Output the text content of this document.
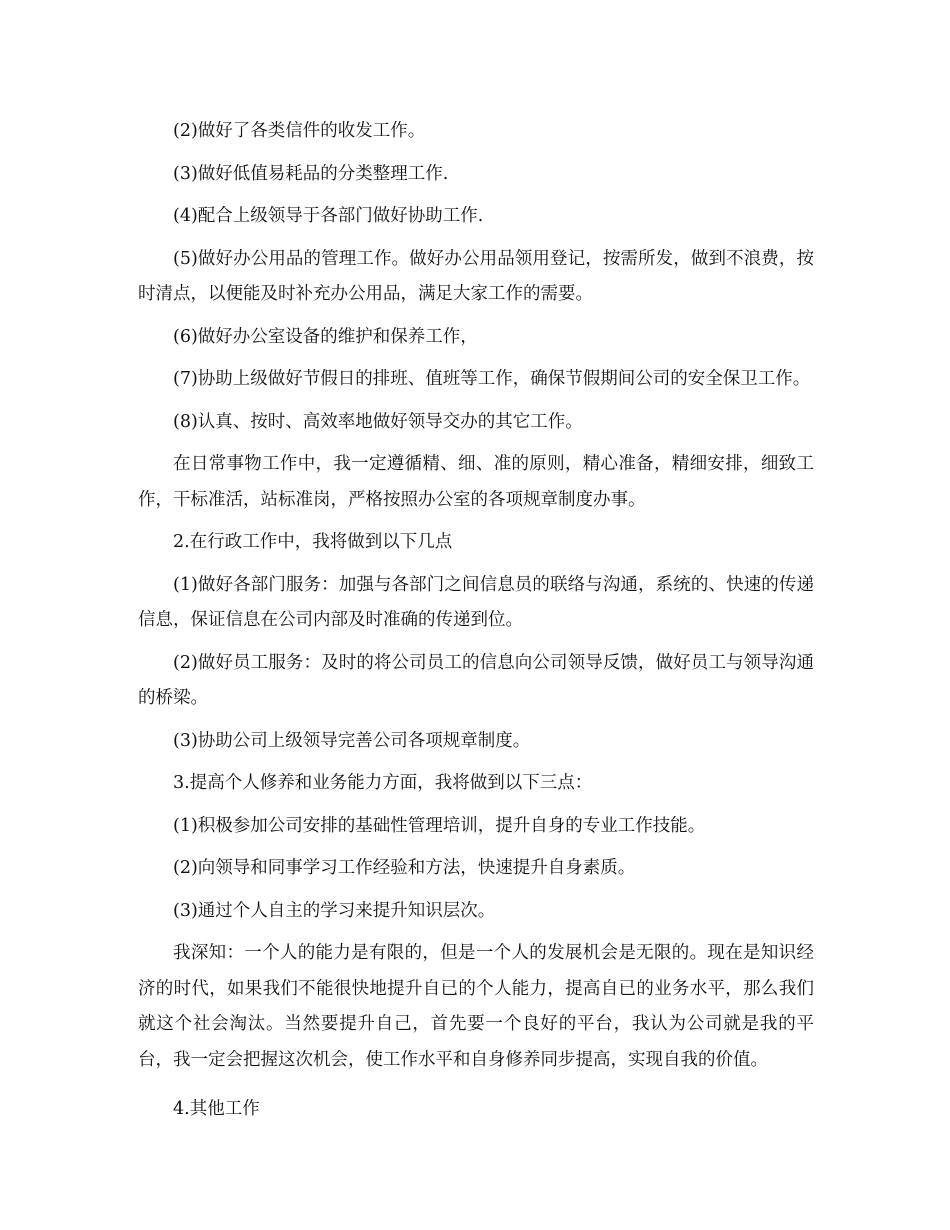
(2)做好了各类信件的收发工作。

(3)做好低值易耗品的分类整理工作.

(4)配合上级领导于各部门做好协助工作.

(5)做好办公用品的管理工作。做好办公用品领用登记，按需所发，做到不浪费，按时清点，以便能及时补充办公用品，满足大家工作的需要。

(6)做好办公室设备的维护和保养工作，

(7)协助上级做好节假日的排班、值班等工作，确保节假期间公司的安全保卫工作。

(8)认真、按时、高效率地做好领导交办的其它工作。

在日常事物工作中，我一定遵循精、细、准的原则，精心准备，精细安排，细致工作，干标准活，站标准岗，严格按照办公室的各项规章制度办事。

2.在行政工作中，我将做到以下几点

(1)做好各部门服务：加强与各部门之间信息员的联络与沟通，系统的、快速的传递信息，保证信息在公司内部及时准确的传递到位。

(2)做好员工服务：及时的将公司员工的信息向公司领导反馈，做好员工与领导沟通的桥梁。

(3)协助公司上级领导完善公司各项规章制度。

3.提高个人修养和业务能力方面，我将做到以下三点：

(1)积极参加公司安排的基础性管理培训，提升自身的专业工作技能。

(2)向领导和同事学习工作经验和方法，快速提升自身素质。

(3)通过个人自主的学习来提升知识层次。

我深知：一个人的能力是有限的，但是一个人的发展机会是无限的。现在是知识经济的时代，如果我们不能很快地提升自已的个人能力，提高自已的业务水平，那么我们就这个社会淘汰。当然要提升自己，首先要一个良好的平台，我认为公司就是我的平台，我一定会把握这次机会，使工作水平和自身修养同步提高，实现自我的价值。

4.其他工作
